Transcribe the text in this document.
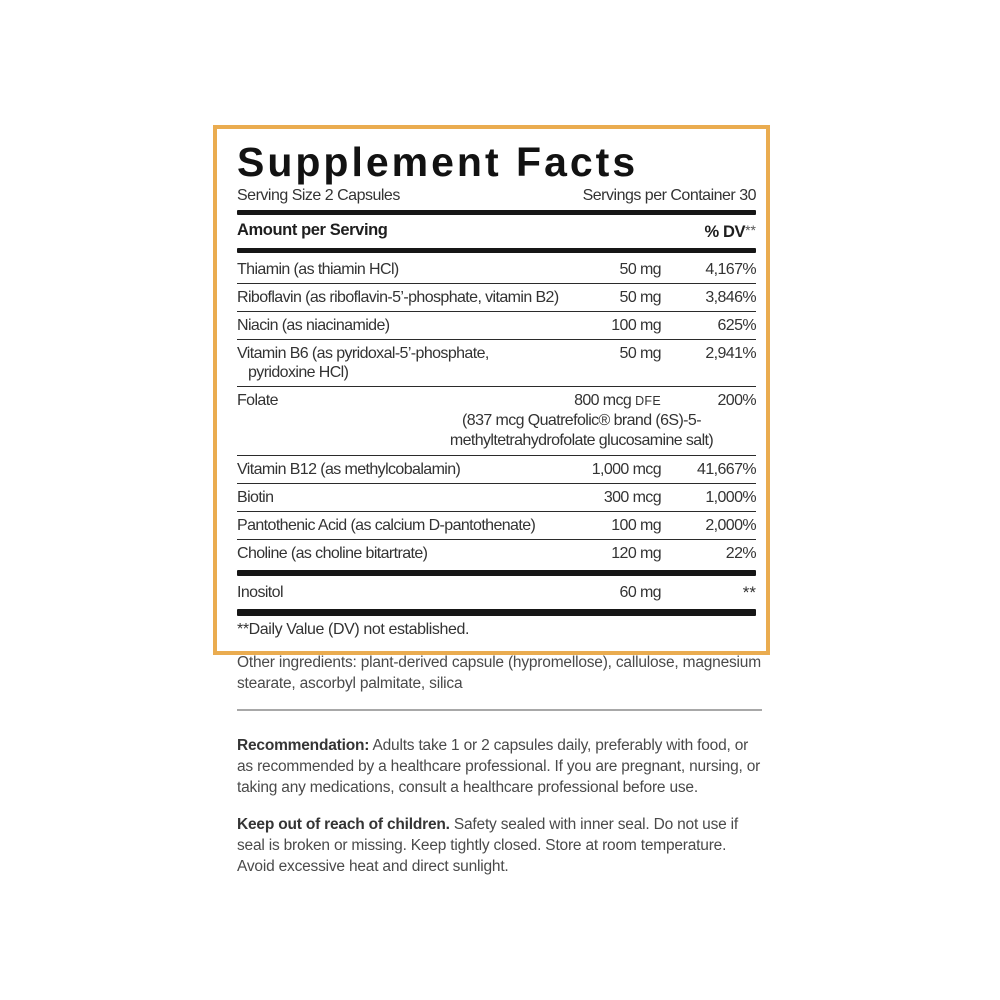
Supplement Facts
Serving Size 2 Capsules	Servings per Container 30
Amount per Serving	% DV**
Thiamin (as thiamin HCl)	50 mg	4,167%
Riboflavin (as riboflavin-5’-phosphate, vitamin B2)	50 mg	3,846%
Niacin (as niacinamide)	100 mg	625%
Vitamin B6 (as pyridoxal-5’-phosphate,
pyridoxine HCl)
50 mg	2,941%
Folate	800 mcg DFE	200%
(837 mcg Quatrefolic® brand (6S)-5-
methyltetrahydrofolate glucosamine salt)
Vitamin B12 (as methylcobalamin)	1,000 mcg	41,667%
Biotin	300 mcg	1,000%
Pantothenic Acid (as calcium D-pantothenate)	100 mg	2,000%
Choline (as choline bitartrate)	120 mg	22%
Inositol	60 mg	**
**Daily Value (DV) not established.

Other ingredients: plant-derived capsule (hypromellose), callulose, magnesium stearate, ascorbyl palmitate, silica

Recommendation: Adults take 1 or 2 capsules daily, preferably with food, or as recommended by a healthcare professional. If you are pregnant, nursing, or taking any medications, consult a healthcare professional before use.

Keep out of reach of children. Safety sealed with inner seal. Do not use if seal is broken or missing. Keep tightly closed. Store at room temperature. Avoid excessive heat and direct sunlight.
